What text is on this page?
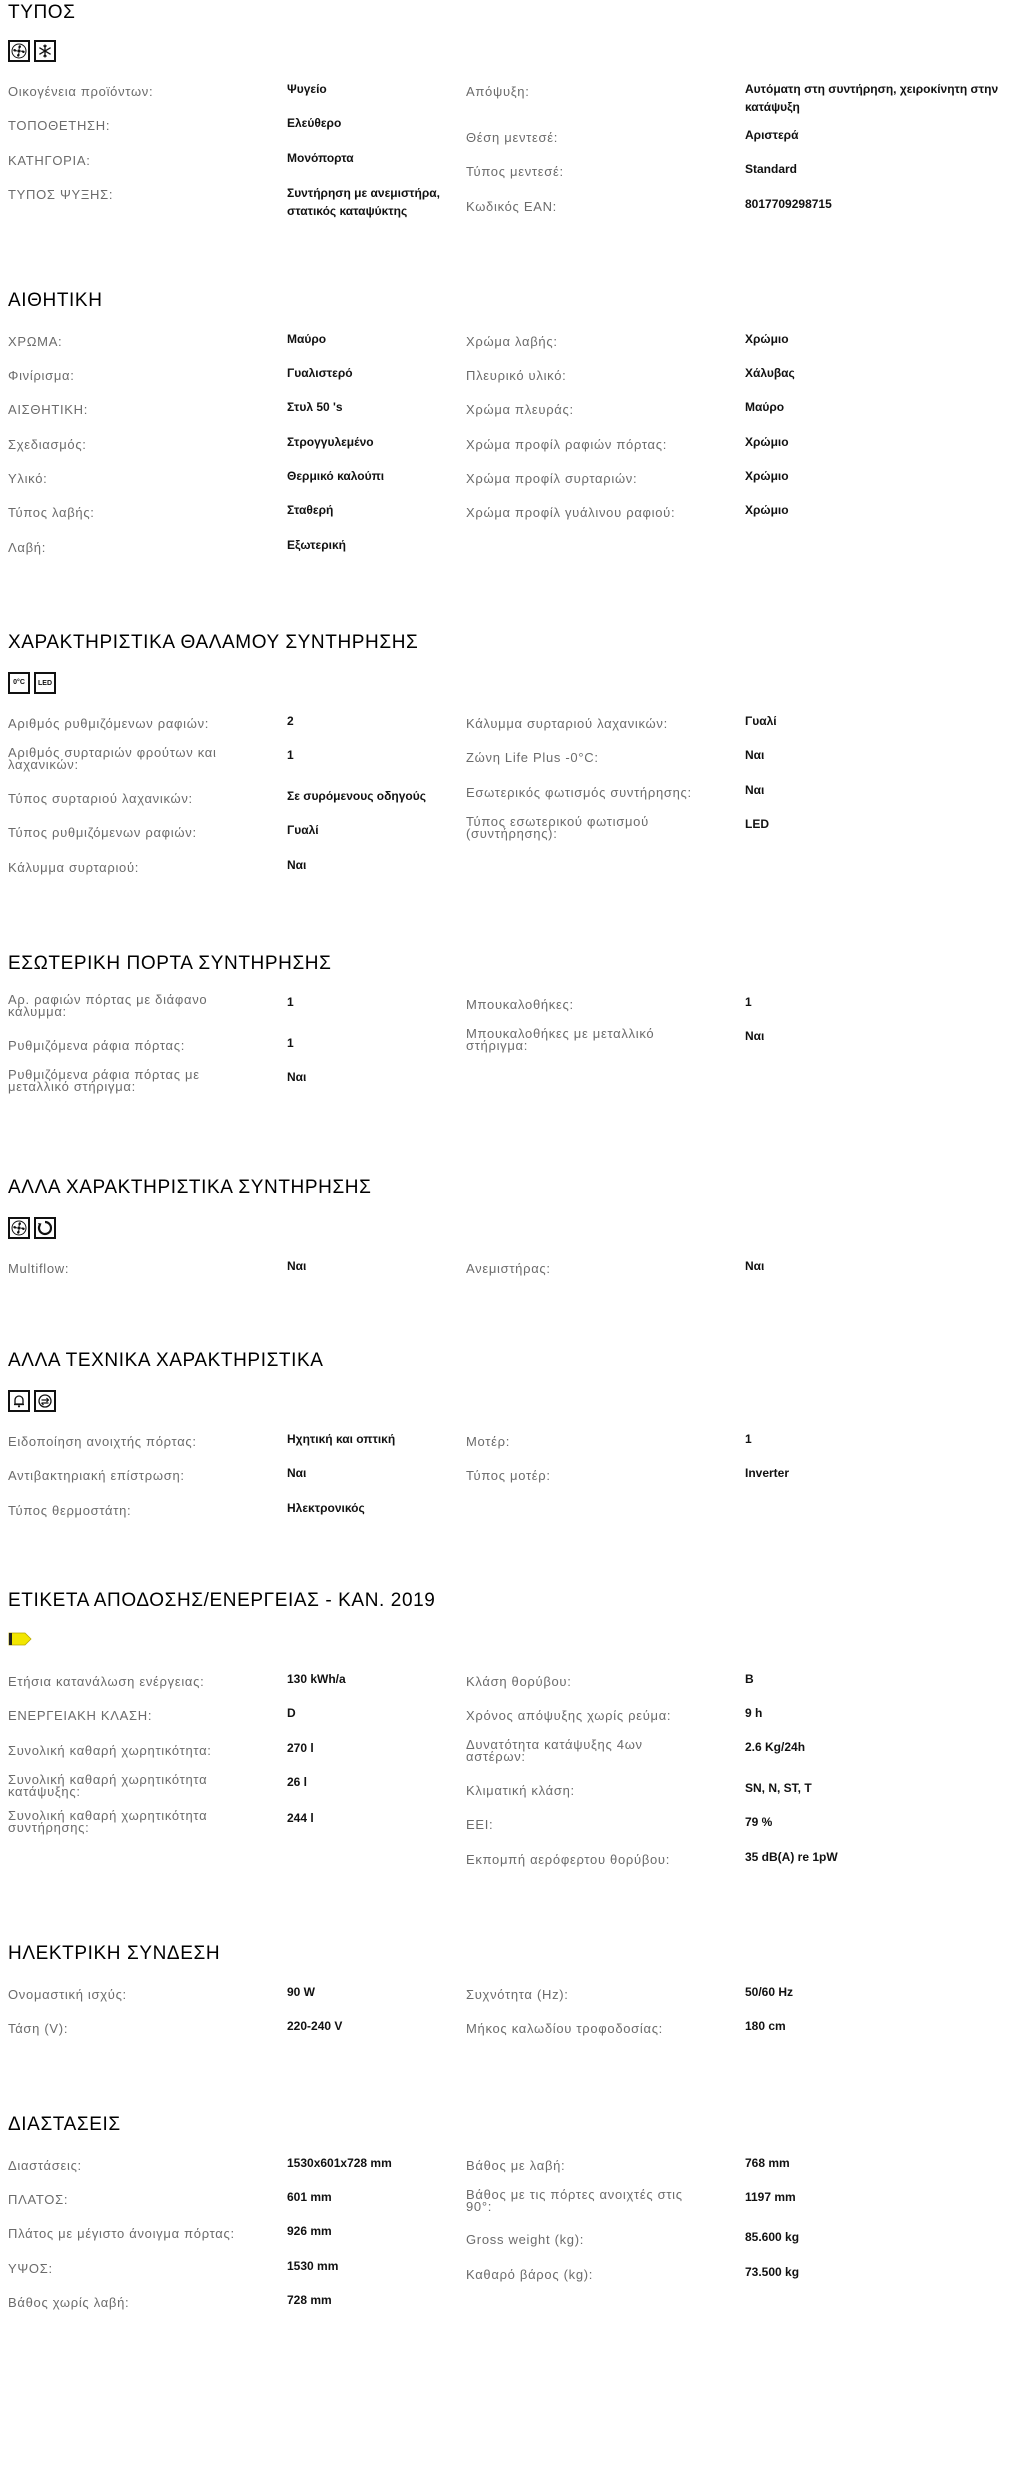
ΤΥΠΟΣ
Οικογένεια προϊόντων:	Ψυγείο
ΤΟΠΟΘΕΤΗΣΗ:	Ελεύθερο
ΚΑΤΗΓΟΡΙΑ:	Μονόπορτα
ΤΥΠΟΣ ΨΥΞΗΣ:	Συντήρηση με ανεμιστήρα, στατικός καταψύκτης
Απόψυξη:	Αυτόματη στη συντήρηση, χειροκίνητη στην κατάψυξη
Θέση μεντεσέ:	Αριστερά
Τύπος μεντεσέ:	Standard
Κωδικός EAN:	8017709298715
ΑΙΘΗΤΙΚΗ
ΧΡΩΜΑ:	Μαύρο
Φινίρισμα:	Γυαλιστερό
ΑΙΣΘΗΤΙΚΗ:	Στυλ 50 's
Σχεδιασμός:	Στρογγυλεμένο
Υλικό:	Θερμικό καλούπι
Τύπος λαβής:	Σταθερή
Λαβή:	Εξωτερική
Χρώμα λαβής:	Χρώμιο
Πλευρικό υλικό:	Χάλυβας
Χρώμα πλευράς:	Μαύρο
Χρώμα προφίλ ραφιών πόρτας:	Χρώμιο
Χρώμα προφίλ συρταριών:	Χρώμιο
Χρώμα προφίλ γυάλινου ραφιού:	Χρώμιο
ΧΑΡΑΚΤΗΡΙΣΤΙΚΑ ΘΑΛΑΜΟΥ ΣΥΝΤΗΡΗΣΗΣ
0°C LED
Αριθμός ρυθμιζόμενων ραφιών:	2
Αριθμός συρταριών φρούτων και λαχανικών:
1
Τύπος συρταριού λαχανικών:	Σε συρόμενους οδηγούς
Τύπος ρυθμιζόμενων ραφιών:	Γυαλί
Κάλυμμα συρταριού:	Ναι
Κάλυμμα συρταριού λαχανικών:	Γυαλί
Ζώνη Life Plus -0°C:	Ναι
Εσωτερικός φωτισμός συντήρησης:	Ναι
Τύπος εσωτερικού φωτισμού (συντήρησης):
LED
ΕΣΩΤΕΡΙΚΗ ΠΟΡΤΑ ΣΥΝΤΗΡΗΣΗΣ
Αρ. ραφιών πόρτας με διάφανο κάλυμμα:
1
Ρυθμιζόμενα ράφια πόρτας:	1
Ρυθμιζόμενα ράφια πόρτας με μεταλλικό στήριγμα:
Ναι
Μπουκαλοθήκες:	1
Μπουκαλοθήκες με μεταλλικό στήριγμα:
Ναι
ΑΛΛΑ ΧΑΡΑΚΤΗΡΙΣΤΙΚΑ ΣΥΝΤΗΡΗΣΗΣ
Multiflow:	Ναι	Ανεμιστήρας:	Ναι
ΑΛΛΑ ΤΕΧΝΙΚΑ ΧΑΡΑΚΤΗΡΙΣΤΙΚΑ
Ειδοποίηση ανοιχτής πόρτας:	Ηχητική και οπτική
Αντιβακτηριακή επίστρωση:	Ναι
Τύπος θερμοστάτη:	Ηλεκτρονικός
Μοτέρ:	1
Τύπος μοτέρ:	Inverter
ΕΤΙΚΕΤΑ ΑΠΟΔΟΣΗΣ/ΕΝΕΡΓΕΙΑΣ - ΚΑΝ. 2019
Ετήσια κατανάλωση ενέργειας:	130 kWh/a
ΕΝΕΡΓΕΙΑΚΗ ΚΛΑΣΗ:	D
Συνολική καθαρή χωρητικότητα:	270 l
Συνολική καθαρή χωρητικότητα κατάψυξης:
26 l
Συνολική καθαρή χωρητικότητα συντήρησης:
244 l
Κλάση θορύβου:	B
Χρόνος απόψυξης χωρίς ρεύμα:	9 h
Δυνατότητα κατάψυξης 4ων αστέρων:
2.6 Kg/24h
Κλιματική κλάση:	SN, N, ST, T
EEI:	79 %
Εκπομπή αερόφερτου θορύβου:	35 dB(A) re 1pW
ΗΛΕΚΤΡΙΚΗ ΣΥΝΔΕΣΗ
Ονομαστική ισχύς:	90 W
Τάση (V):	220-240 V
Συχνότητα (Hz):	50/60 Hz
Μήκος καλωδίου τροφοδοσίας:	180 cm
ΔΙΑΣΤΑΣΕΙΣ
Διαστάσεις:	1530x601x728 mm
ΠΛΑΤΟΣ:	601 mm
Πλάτος με μέγιστο άνοιγμα πόρτας:	926 mm
ΥΨΟΣ:	1530 mm
Βάθος χωρίς λαβή:	728 mm
Βάθος με λαβή:	768 mm
Βάθος με τις πόρτες ανοιχτές στις 90°:
1197 mm
Gross weight (kg):	85.600 kg
Καθαρό βάρος (kg):	73.500 kg
